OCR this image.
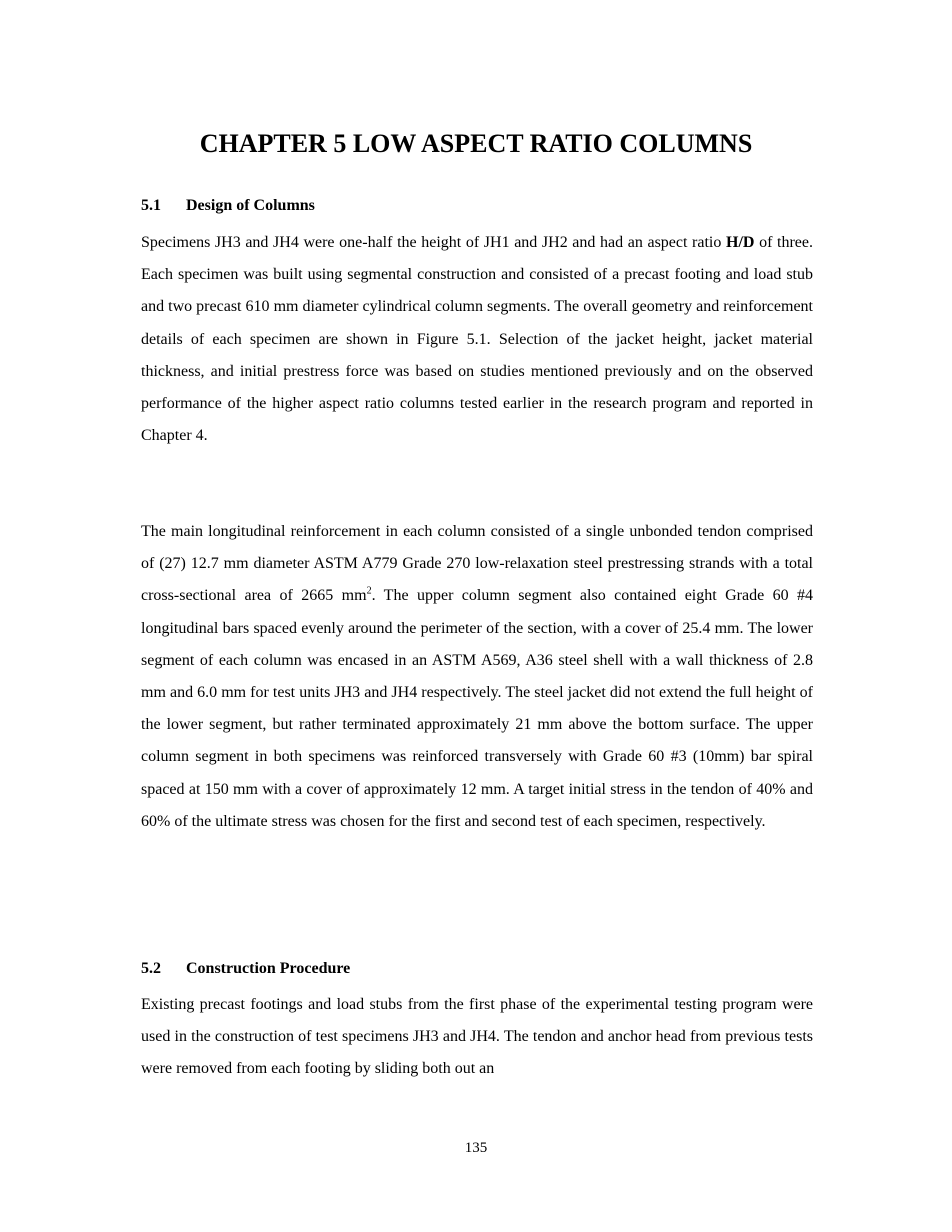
CHAPTER 5 LOW ASPECT RATIO COLUMNS
5.1 Design of Columns

Specimens JH3 and JH4 were one-half the height of JH1 and JH2 and had an aspect ratio H/D of three. Each specimen was built using segmental construction and consisted of a precast footing and load stub and two precast 610 mm diameter cylindrical column segments. The overall geometry and reinforcement details of each specimen are shown in Figure 5.1. Selection of the jacket height, jacket material thickness, and initial prestress force was based on studies mentioned previously and on the observed performance of the higher aspect ratio columns tested earlier in the research program and reported in Chapter 4.

The main longitudinal reinforcement in each column consisted of a single unbonded tendon comprised of (27) 12.7 mm diameter ASTM A779 Grade 270 low-relaxation steel prestressing strands with a total cross-sectional area of 2665 $mm^2$. The upper column segment also contained eight Grade 60 #4 longitudinal bars spaced evenly around the perimeter of the section, with a cover of 25.4 mm. The lower segment of each column was encased in an ASTM A569, A36 steel shell with a wall thickness of 2.8 mm and 6.0 mm for test units JH3 and JH4 respectively. The steel jacket did not extend the full height of the lower segment, but rather terminated approximately 21 mm above the bottom surface. The upper column segment in both specimens was reinforced transversely with Grade 60 #3 (10mm) bar spiral spaced at 150 mm with a cover of approximately 12 mm. A target initial stress in the tendon of 40% and 60% of the ultimate stress was chosen for the first and second test of each specimen, respectively.

5.2 Construction Procedure

Existing precast footings and load stubs from the first phase of the experimental testing program were used in the construction of test specimens JH3 and JH4. The tendon and anchor head from previous tests were removed from each footing by sliding both out an

135
